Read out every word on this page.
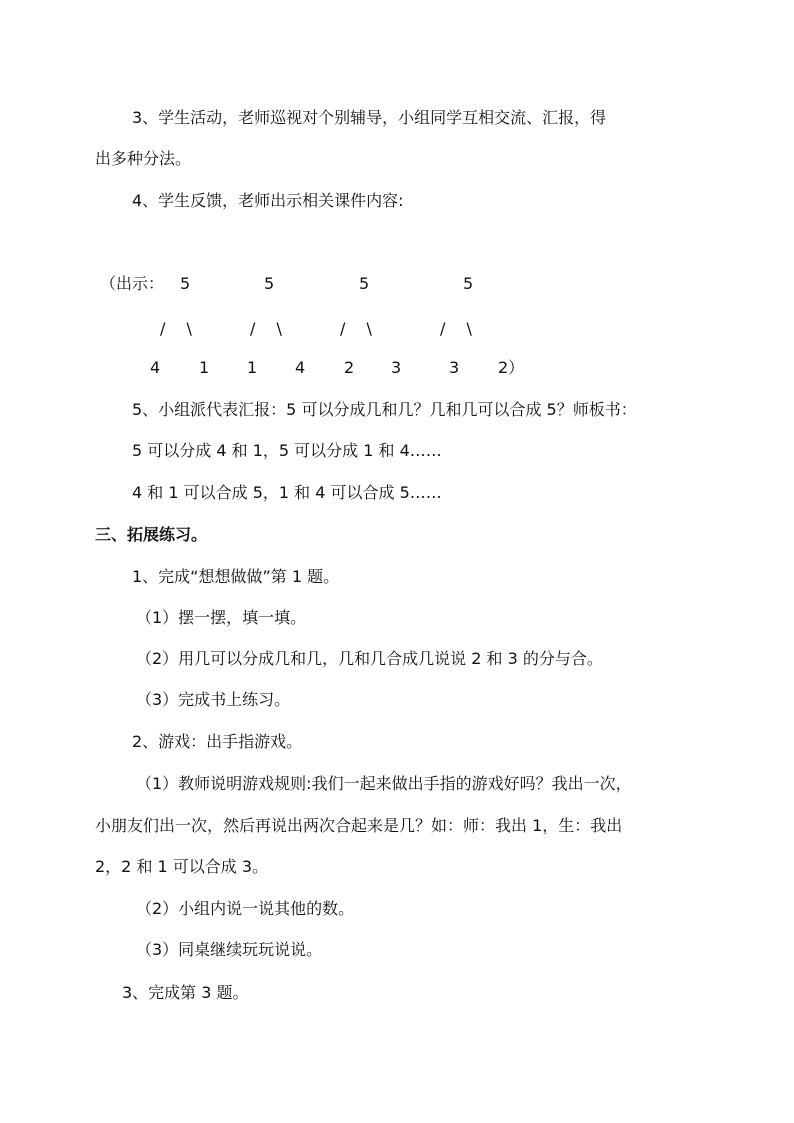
3、学生活动，老师巡视对个别辅导，小组同学互相交流、汇报，得
出多种分法。
4、学生反馈，老师出示相关课件内容:
（出示： 5	5	5	5
/ \	/ \	/ \	/ \
4 1 1 4 2 3	3 2）
5、小组派代表汇报：5 可以分成几和几？几和几可以合成 5？师板书：
5 可以分成 4 和 1，5 可以分成 1 和 4……
4 和 1 可以合成 5，1 和 4 可以合成 5……
三、拓展练习。
1、完成“想想做做”第 1 题。
（1）摆一摆，填一填。
（2）用几可以分成几和几，几和几合成几说说 2 和 3 的分与合。
（3）完成书上练习。
2、游戏：出手指游戏。
（1）教师说明游戏规则:我们一起来做出手指的游戏好吗？我出一次，
小朋友们出一次，然后再说出两次合起来是几？如：师：我出 1，生：我出
2，2 和 1 可以合成 3。
（2）小组内说一说其他的数。
（3）同桌继续玩玩说说。
3、完成第 3 题。
